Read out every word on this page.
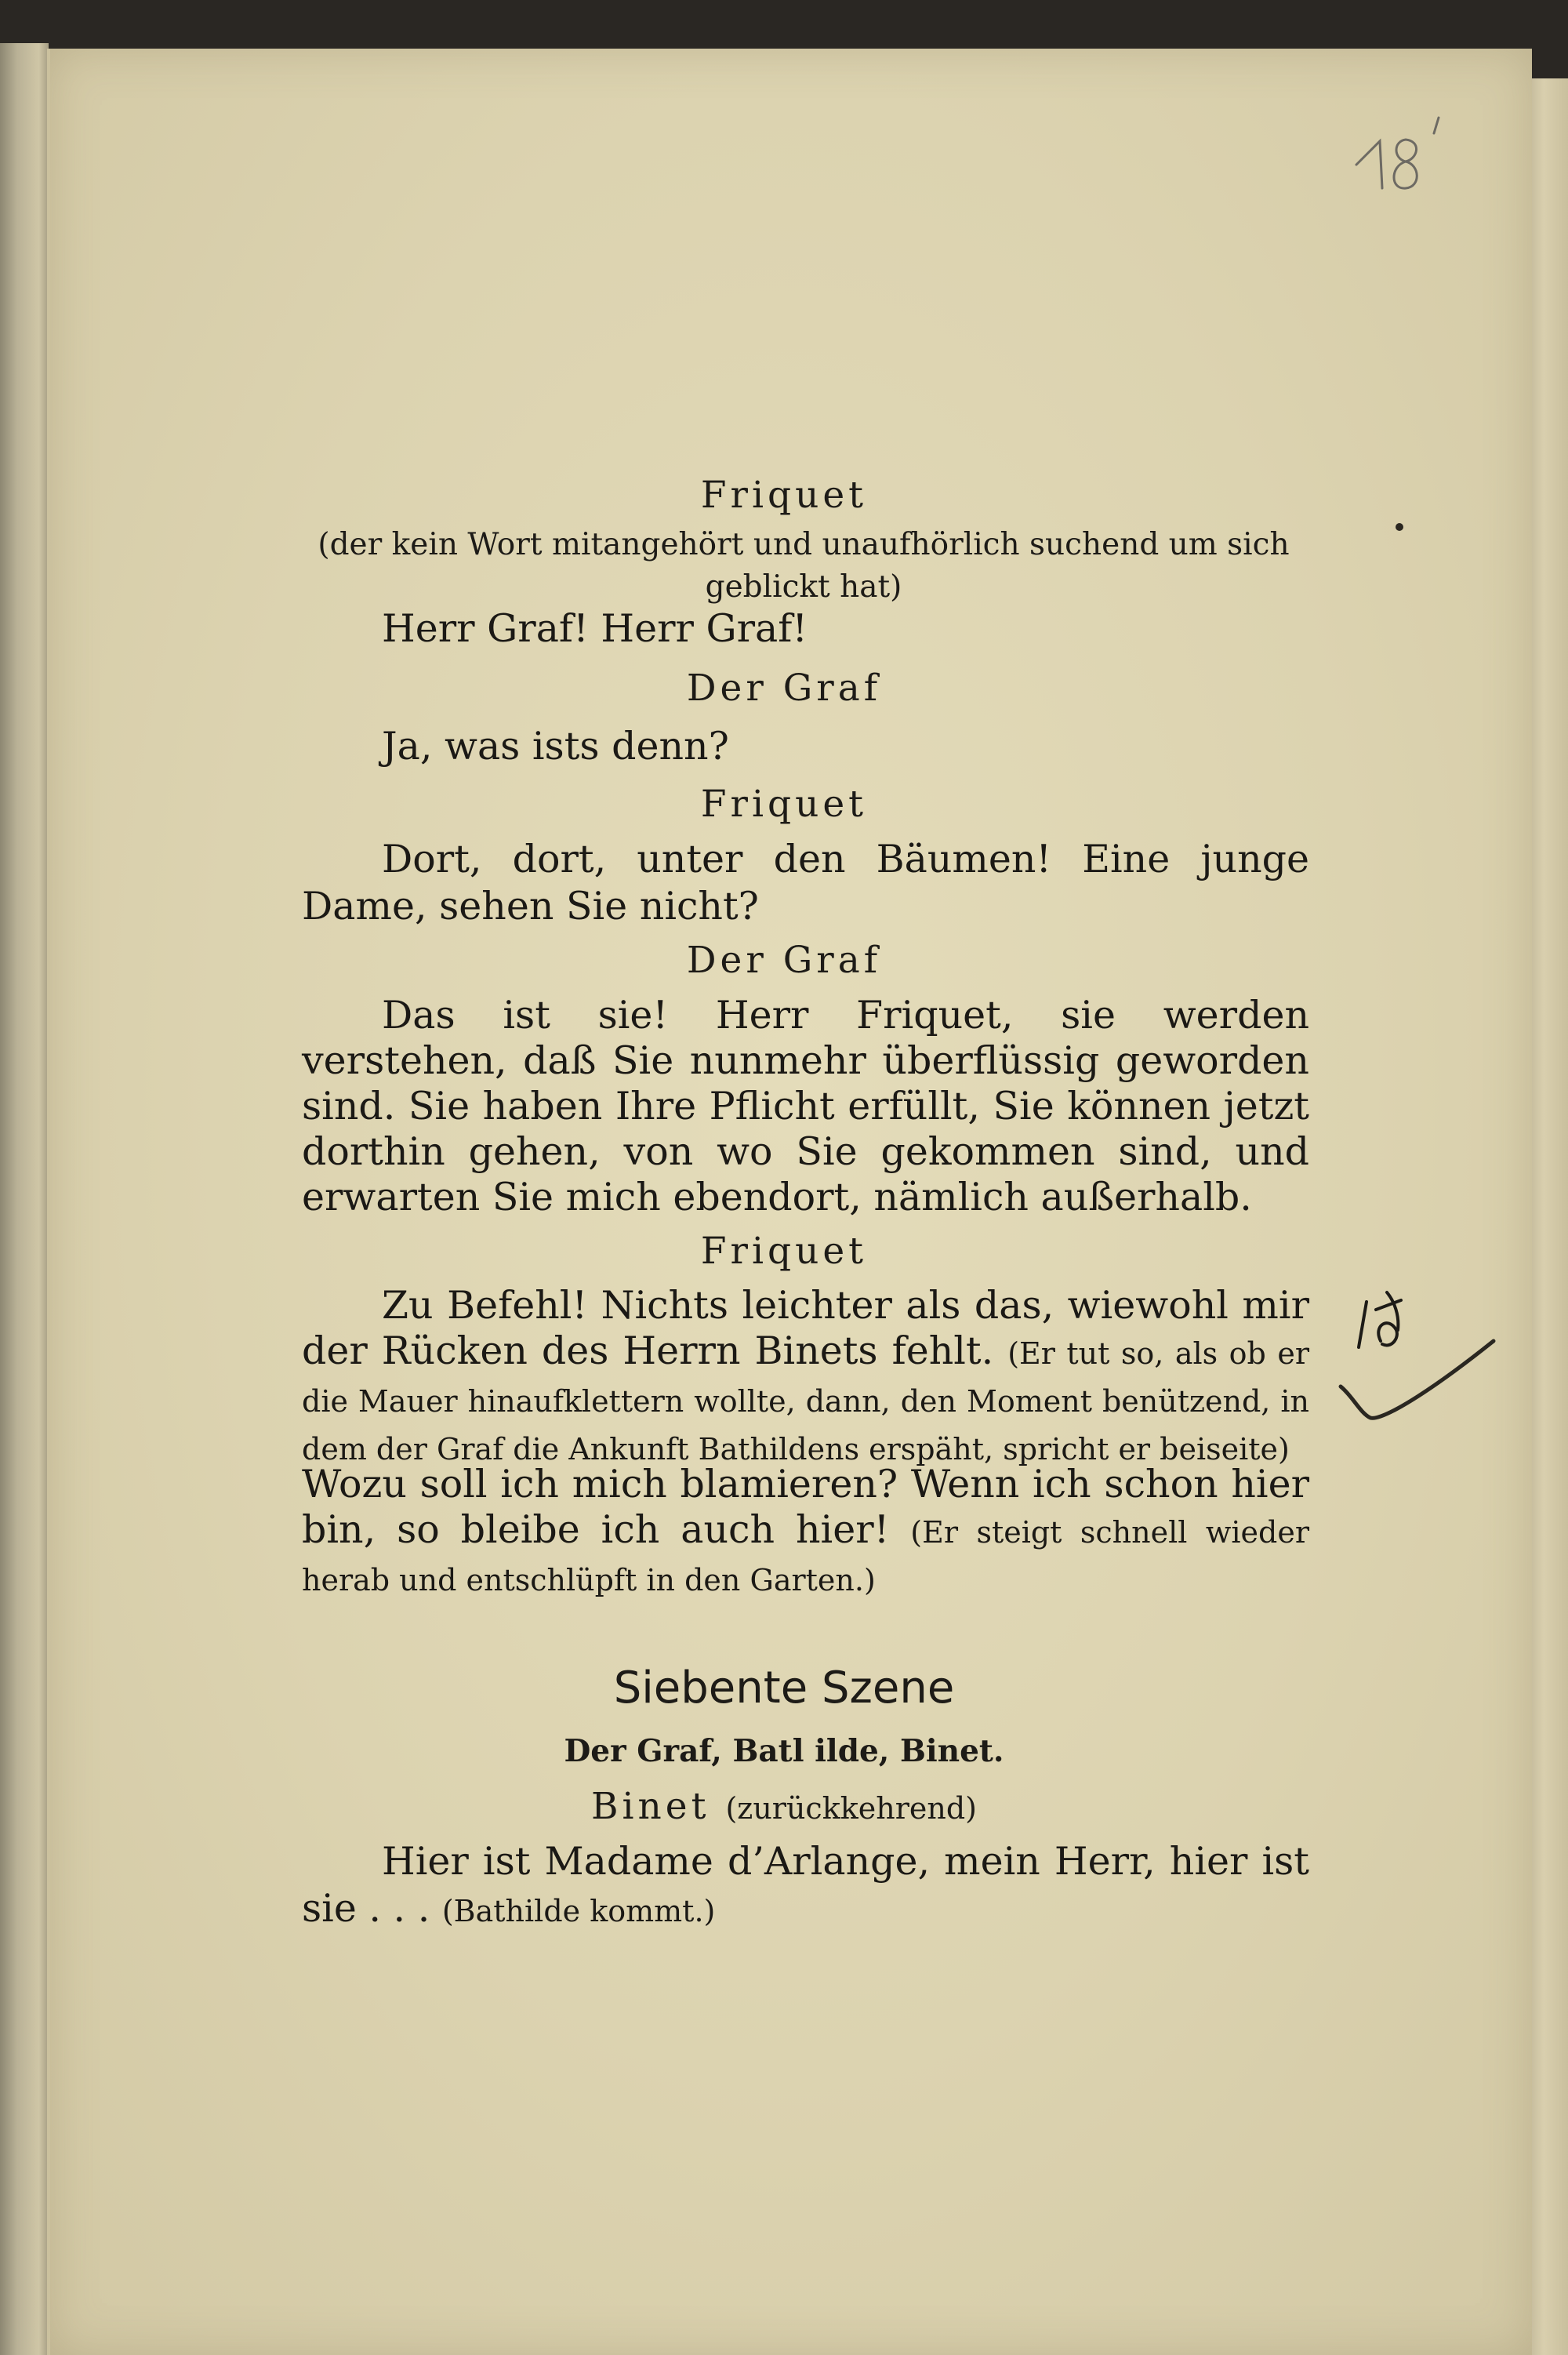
Friquet
(der kein Wort mitangehört und unaufhörlich suchend um sich geblickt hat)
Herr Graf! Herr Graf!
Der Graf
Ja, was ists denn?
Friquet
Dort, dort, unter den Bäumen! Eine junge Dame, sehen Sie nicht?
Der Graf
Das ist sie! Herr Friquet, sie werden verstehen, daß Sie nunmehr überflüssig geworden sind. Sie haben Ihre Pflicht erfüllt, Sie können jetzt dorthin gehen, von wo Sie gekommen sind, und erwarten Sie mich ebendort, nämlich außerhalb.
Friquet
Zu Befehl! Nichts leichter als das, wiewohl mir der Rücken des Herrn Binets fehlt. (Er tut so, als ob er die Mauer hinaufklettern wollte, dann, den Moment benützend, in dem der Graf die Ankunft Bathildens erspäht, spricht er beiseite)
Wozu soll ich mich blamieren? Wenn ich schon hier bin, so bleibe ich auch hier! (Er steigt schnell wieder herab und entschlüpft in den Garten.)
Siebente Szene
Der Graf, Batl ilde, Binet.
Binet (zurückkehrend)
Hier ist Madame d’Arlange, mein Herr, hier ist sie . . . (Bathilde kommt.)
